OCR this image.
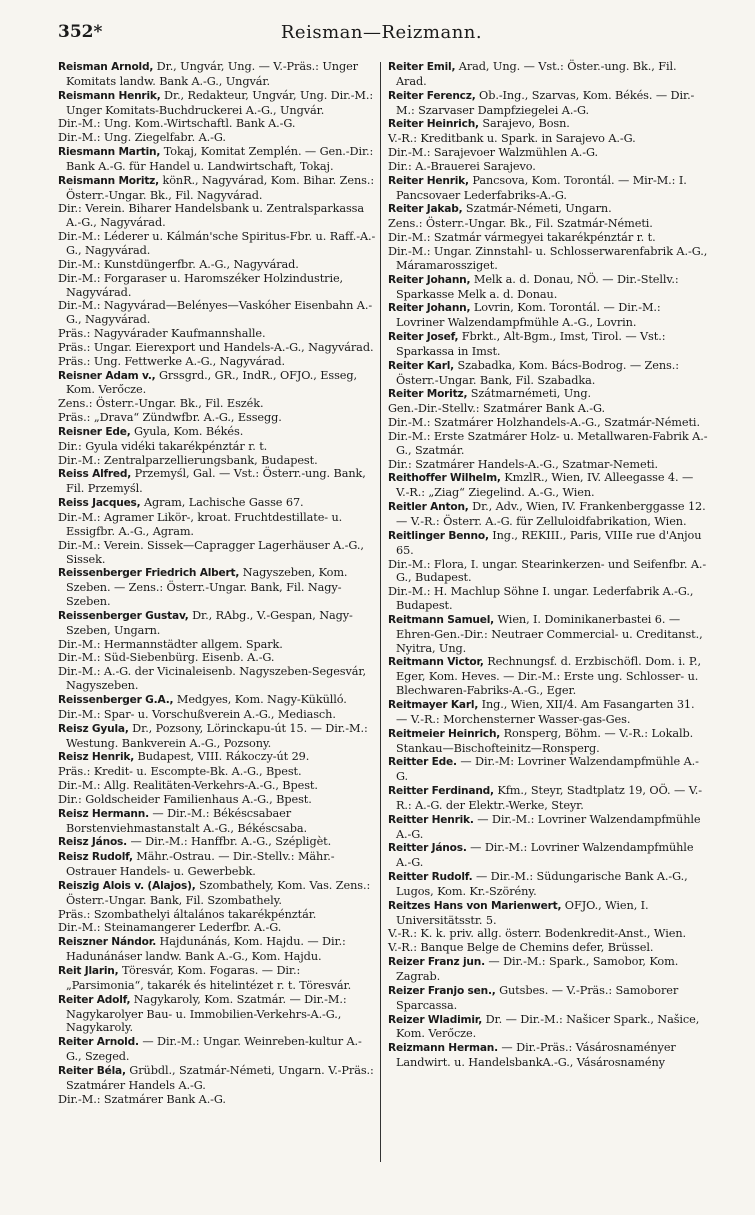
352*	Reisman—Reizmann.
Reisman Arnold, Dr., Ungvár, Ung. — V.-Präs.: Unger Komitats landw. Bank A.-G., Ungvár.
Reismann Henrik, Dr., Redakteur, Ungvár, Ung. Dir.-M.: Unger Komitats-Buchdruckerei A.-G., Ungvár.
Dir.-M.: Ung. Kom.-Wirtschaftl. Bank A.-G.
Dir.-M.: Ung. Ziegelfabr. A.-G.
Riesmann Martin, Tokaj, Komitat Zemplén. — Gen.-Dir.: Bank A.-G. für Handel u. Landwirtschaft, Tokaj.
Reismann Moritz, könR., Nagyvárad, Kom. Bihar. Zens.: Österr.-Ungar. Bk., Fil. Nagyvárad.
Dir.: Verein. Biharer Handelsbank u. Zentralsparkassa A.-G., Nagyvárad.
Dir.-M.: Léderer u. Kálmán'sche Spiritus-Fbr. u. Raff.-A.-G., Nagyvárad.
Dir.-M.: Kunstdüngerfbr. A.-G., Nagyvárad.
Dir.-M.: Forgaraser u. Haromszéker Holzindustrie, Nagyvárad.
Dir.-M.: Nagyvárad—Belényes—Vaskóher Eisenbahn A.-G., Nagyvárad.
Präs.: Nagyvárader Kaufmannshalle.
Präs.: Ungar. Eierexport und Handels-A.-G., Nagyvárad.
Präs.: Ung. Fettwerke A.-G., Nagyvárad.
Reisner Adam v., Grssgrd., GR., IndR., OFJO., Esseg, Kom. Verőcze.
Zens.: Österr.-Ungar. Bk., Fil. Eszék.
Präs.: „Drava“ Zündwfbr. A.-G., Essegg.
Reisner Ede, Gyula, Kom. Békés.
Dir.: Gyula vidéki takarékpénztár r. t.
Dir.-M.: Zentralparzellierungsbank, Budapest.
Reiss Alfred, Przemyśl, Gal. — Vst.: Österr.-ung. Bank, Fil. Przemyśl.
Reiss Jacques, Agram, Lachische Gasse 67.
Dir.-M.: Agramer Likör-, kroat. Fruchtdestillate- u. Essigfbr. A.-G., Agram.
Dir.-M.: Verein. Sissek—Capragger Lagerhäuser A.-G., Sissek.
Reissenberger Friedrich Albert, Nagyszeben, Kom. Szeben. — Zens.: Österr.-Ungar. Bank, Fil. Nagy-Szeben.
Reissenberger Gustav, Dr., RAbg., V.-Gespan, Nagy-Szeben, Ungarn.
Dir.-M.: Hermannstädter allgem. Spark.
Dir.-M.: Süd-Siebenbürg. Eisenb. A.-G.
Dir.-M.: A.-G. der Vicinaleisenb. Nagyszeben-Segesvár, Nagyszeben.
Reissenberger G.A., Medgyes, Kom. Nagy-Kükülló.
Dir.-M.: Spar- u. Vorschußverein A.-G., Mediasch.
Reisz Gyula, Dr., Pozsony, Lörinckapu-út 15. — Dir.-M.: Westung. Bankverein A.-G., Pozsony.
Reisz Henrik, Budapest, VIII. Rákoczy-út 29.
Präs.: Kredit- u. Escompte-Bk. A.-G., Bpest.
Dir.-M.: Allg. Realitäten-Verkehrs-A.-G., Bpest.
Dir.: Goldscheider Familienhaus A.-G., Bpest.
Reisz Hermann. — Dir.-M.: Békéscsabaer Borstenviehmastanstalt A.-G., Békéscsaba.
Reisz János. — Dir.-M.: Hanffbr. A.-G., Szépligèt.
Reisz Rudolf, Mähr.-Ostrau. — Dir.-Stellv.: Mähr.-Ostrauer Handels- u. Gewerbebk.
Reiszig Alois v. (Alajos), Szombathely, Kom. Vas. Zens.: Österr.-Ungar. Bank, Fil. Szombathely.
Präs.: Szombathelyi általános takarékpénztár.
Dir.-M.: Steinamangerer Lederfbr. A.-G.
Reiszner Nándor. Hajdunánás, Kom. Hajdu. — Dir.: Hadunánáser landw. Bank A.-G., Kom. Hajdu.
Reit Jlarin, Töresvár, Kom. Fogaras. — Dir.: „Parsimonia“, takarék és hitelintézet r. t. Töresvár.
Reiter Adolf, Nagykaroly, Kom. Szatmár. — Dir.-M.: Nagykarolyer Bau- u. Immobilien-Verkehrs-A.-G., Nagykaroly.
Reiter Arnold. — Dir.-M.: Ungar. Weinreben-kultur A.-G., Szeged.
Reiter Béla, Grübdl., Szatmár-Németi, Ungarn. V.-Präs.: Szatmárer Handels A.-G.
Dir.-M.: Szatmárer Bank A.-G.
Reiter Emil, Arad, Ung. — Vst.: Öster.-ung. Bk., Fil. Arad.
Reiter Ferencz, Ob.-Ing., Szarvas, Kom. Békés. — Dir.-M.: Szarvaser Dampfziegelei A.-G.
Reiter Heinrich, Sarajevo, Bosn.
V.-R.: Kreditbank u. Spark. in Sarajevo A.-G.
Dir.-M.: Sarajevoer Walzmühlen A.-G.
Dir.: A.-Brauerei Sarajevo.
Reiter Henrik, Pancsova, Kom. Torontál. — Mir-M.: I. Pancsovaer Lederfabriks-A.-G.
Reiter Jakab, Szatmár-Németi, Ungarn.
Zens.: Österr.-Ungar. Bk., Fil. Szatmár-Németi.
Dir.-M.: Szatmár vármegyei takarékpénztár r. t.
Dir.-M.: Ungar. Zinnstahl- u. Schlosserwarenfabrik A.-G., Máramarossziget.
Reiter Johann, Melk a. d. Donau, NÖ. — Dir.-Stellv.: Sparkasse Melk a. d. Donau.
Reiter Johann, Lovrin, Kom. Torontál. — Dir.-M.: Lovriner Walzendampfmühle A.-G., Lovrin.
Reiter Josef, Fbrkt., Alt-Bgm., Imst, Tirol. — Vst.: Sparkassa in Imst.
Reiter Karl, Szabadka, Kom. Bács-Bodrog. — Zens.: Österr.-Ungar. Bank, Fil. Szabadka.
Reiter Moritz, Szátmarnémeti, Ung.
Gen.-Dir.-Stellv.: Szatmárer Bank A.-G.
Dir.-M.: Szatmárer Holzhandels-A.-G., Szatmár-Németi.
Dir.-M.: Erste Szatmárer Holz- u. Metallwaren-Fabrik A.-G., Szatmár.
Dir.: Szatmárer Handels-A.-G., Szatmar-Nemeti.
Reithoffer Wilhelm, KmzlR., Wien, IV. Alleegasse 4. — V.-R.: „Ziag“ Ziegelind. A.-G., Wien.
Reitler Anton, Dr., Adv., Wien, IV. Frankenberggasse 12. — V.-R.: Österr. A.-G. für Zelluloidfabrikation, Wien.
Reitlinger Benno, Ing., REKIII., Paris, VIIIe rue d'Anjou 65.
Dir.-M.: Flora, I. ungar. Stearinkerzen- und Seifenfbr. A.-G., Budapest.
Dir.-M.: H. Machlup Söhne I. ungar. Lederfabrik A.-G., Budapest.
Reitmann Samuel, Wien, I. Dominikanerbastei 6. — Ehren-Gen.-Dir.: Neutraer Commercial- u. Creditanst., Nyitra, Ung.
Reitmann Victor, Rechnungsf. d. Erzbischöfl. Dom. i. P., Eger, Kom. Heves. — Dir.-M.: Erste ung. Schlosser- u. Blechwaren-Fabriks-A.-G., Eger.
Reitmayer Karl, Ing., Wien, XII/4. Am Fasangarten 31. — V.-R.: Morchensterner Wasser-gas-Ges.
Reitmeier Heinrich, Ronsperg, Böhm. — V.-R.: Lokalb. Stankau—Bischofteinitz—Ronsperg.
Reitter Ede. — Dir.-M: Lovriner Walzendampfmühle A.-G.
Reitter Ferdinand, Kfm., Steyr, Stadtplatz 19, OÖ. — V.-R.: A.-G. der Elektr.-Werke, Steyr.
Reitter Henrik. — Dir.-M.: Lovriner Walzendampfmühle A.-G.
Reitter János. — Dir.-M.: Lovriner Walzendampfmühle A.-G.
Reitter Rudolf. — Dir.-M.: Südungarische Bank A.-G., Lugos, Kom. Kr.-Szörény.
Reitzes Hans von Marienwert, OFJO., Wien, I. Universitätsstr. 5.
V.-R.: K. k. priv. allg. österr. Bodenkredit-Anst., Wien.
V.-R.: Banque Belge de Chemins defer, Brüssel.
Reizer Franz jun. — Dir.-M.: Spark., Samobor, Kom. Zagrab.
Reizer Franjo sen., Gutsbes. — V.-Präs.: Samoborer Sparcassa.
Reizer Wladimir, Dr. — Dir.-M.: Našicer Spark., Našice, Kom. Verőcze.
Reizmann Herman. — Dir.-Präs.: Vásárosnaményer Landwirt. u. HandelsbankA.-G., Vásárosnamény
